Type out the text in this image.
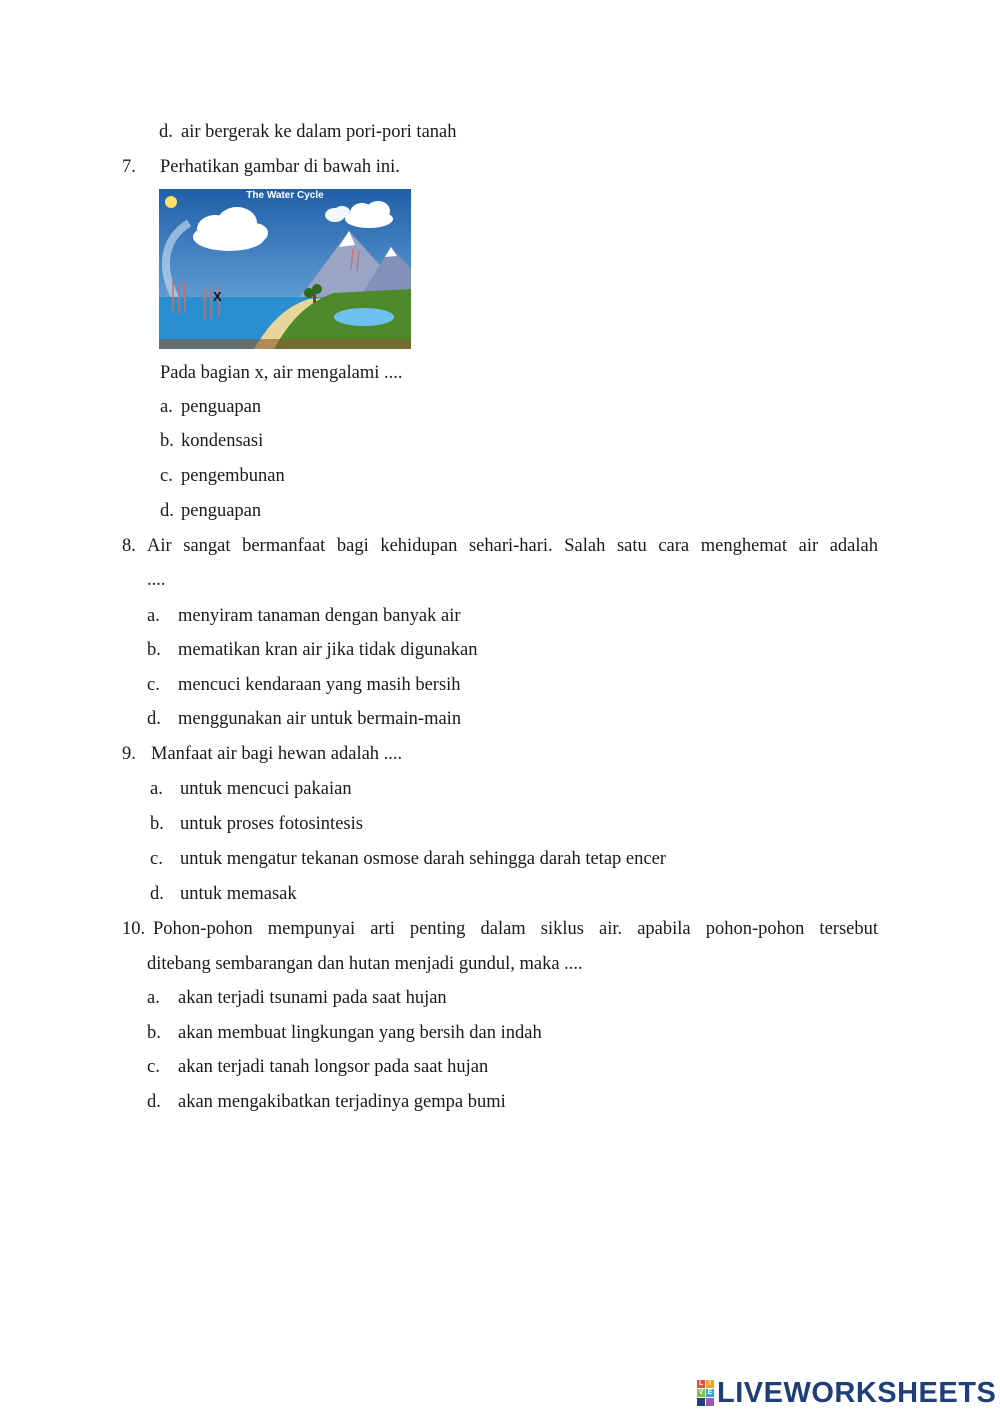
d. air bergerak ke dalam pori-pori tanah
7. Perhatikan gambar di bawah ini.
The Water Cycle
X
Pada bagian x, air mengalami ....
a. penguapan
b. kondensasi
c. pengembunan
d. penguapan
8. Air sangat bermanfaat bagi kehidupan sehari-hari. Salah satu cara menghemat air adalah
....
a. menyiram tanaman dengan banyak air
b. mematikan kran air jika tidak digunakan
c. mencuci kendaraan yang masih bersih
d. menggunakan air untuk bermain-main
9. Manfaat air bagi hewan adalah ....
a. untuk mencuci pakaian
b. untuk proses fotosintesis
c. untuk mengatur tekanan osmose darah sehingga darah tetap encer
d. untuk memasak
10. Pohon-pohon mempunyai arti penting dalam siklus air. apabila pohon-pohon tersebut
ditebang sembarangan dan hutan menjadi gundul, maka ....
a. akan terjadi tsunami pada saat hujan
b. akan membuat lingkungan yang bersih dan indah
c. akan terjadi tanah longsor pada saat hujan
d. akan mengakibatkan terjadinya gempa bumi
L I
V E LIVEWORKSHEETS
